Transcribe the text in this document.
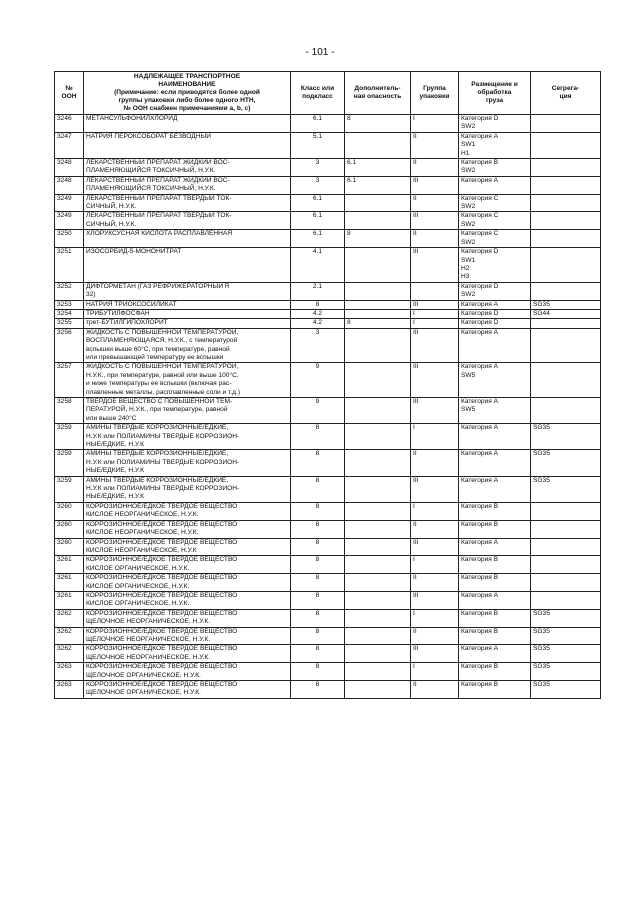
- 101 -
№
ООН	НАДЛЕЖАЩЕЕ ТРАНСПОРТНОЕ
НАИМЕНОВАНИЕ
(Примечание: если приводятся более одной
группы упаковки либо более одного НТН,
№ ООН снабжен примечаниями a, b, c)	Класс или
подкласс	Дополнитель-
ная опасность	Группа
упаковки	Размещение и
обработка
груза	Сегрега-
ция

3246	МЕТАНСУЛЬФОНИЛХЛОРИД	6.1	8	I	Категория D
SW2	

3247	НАТРИЯ ПЕРОКСОБОРАТ БЕЗВОДНЫЙ	5.1		II	Категория A
SW1
H1	

3248	ЛЕКАРСТВЕННЫЙ ПРЕПАРАТ ЖИДКИЙ ВОС-
ПЛАМЕНЯЮЩИЙСЯ ТОКСИЧНЫЙ, Н.У.К.	3	6.1	II	Категория B
SW2	

3248	ЛЕКАРСТВЕННЫЙ ПРЕПАРАТ ЖИДКИЙ ВОС-
ПЛАМЕНЯЮЩИЙСЯ ТОКСИЧНЫЙ, Н.У.К.	3	6.1	III	Категория A	

3249	ЛЕКАРСТВЕННЫЙ ПРЕПАРАТ ТВЕРДЫЙ ТОК-
СИЧНЫЙ, Н.У.К.	6.1		II	Категория C
SW2	

3249	ЛЕКАРСТВЕННЫЙ ПРЕПАРАТ ТВЕРДЫЙ ТОК-
СИЧНЫЙ, Н.У.К.	6.1		III	Категория C
SW2	

3250	ХЛОРУКСУСНАЯ КИСЛОТА РАСПЛАВЛЕННАЯ	6.1	8	II	Категория C
SW2	

3251	ИЗОСОРБИД-5-МОНОНИТРАТ	4.1		III	Категория D
SW1
H2
H3	

3252	ДИФТОРМЕТАН (ГАЗ РЕФРИЖЕРАТОРНЫЙ R
32)	2.1			Категория D
SW2	

3253	НАТРИЯ ТРИОКСОСИЛИКАТ	8		III	Категория A	SG35
3254	ТРИБУТИЛФОСФАН	4.2		I	Категория D	SG44
3255	трет-БУТИЛГИПОХЛОРИТ	4.2	8	I	Категория D	

3256	ЖИДКОСТЬ С ПОВЫШЕННОЙ ТЕМПЕРАТУРОЙ,
ВОСПЛАМЕНЯЮЩАЯСЯ, Н.У.К., с температурой
вспышки выше 60°C, при температуре, равной
или превышающей температуру ее вспышки	3		III	Категория A	

3257	ЖИДКОСТЬ С ПОВЫШЕННОЙ ТЕМПЕРАТУРОЙ,
Н.У.К., при температуре, равной или выше 100°C,
и ниже температуры ее вспышки (включая рас-
плавленные металлы, расплавленные соли и т.д.)	9		III	Категория A
SW5	

3258	ТВЕРДОЕ ВЕЩЕСТВО С ПОВЫШЕННОЙ ТЕМ-
ПЕРАТУРОЙ, Н.У.К., при температуре, равной
или выше 240°C	9		III	Категория A
SW5	

3259	АМИНЫ ТВЕРДЫЕ КОРРОЗИОННЫЕ/ЕДКИЕ,
Н.У.К или ПОЛИАМИНЫ ТВЕРДЫЕ КОРРОЗИОН-
НЫЕ/ЕДКИЕ, Н.У.К	8		I	Категория A	SG35
3259	АМИНЫ ТВЕРДЫЕ КОРРОЗИОННЫЕ/ЕДКИЕ,
Н.У.К или ПОЛИАМИНЫ ТВЕРДЫЕ КОРРОЗИОН-
НЫЕ/ЕДКИЕ, Н.У.К	8		II	Категория A	SG35
3259	АМИНЫ ТВЕРДЫЕ КОРРОЗИОННЫЕ/ЕДКИЕ,
Н.У.К или ПОЛИАМИНЫ ТВЕРДЫЕ КОРРОЗИОН-
НЫЕ/ЕДКИЕ, Н.У.К	8		III	Категория A	SG35
3260	КОРРОЗИОННОЕ/ЕДКОЕ ТВЕРДОЕ ВЕЩЕСТВО
КИСЛОЕ НЕОРГАНИЧЕСКОЕ, Н.У.К.	8		I	Категория B	

3260	КОРРОЗИОННОЕ/ЕДКОЕ ТВЕРДОЕ ВЕЩЕСТВО
КИСЛОЕ НЕОРГАНИЧЕСКОЕ, Н.У.К.	8		II	Категория B	

3260	КОРРОЗИОННОЕ/ЕДКОЕ ТВЕРДОЕ ВЕЩЕСТВО
КИСЛОЕ НЕОРГАНИЧЕСКОЕ, Н.У.К	8		III	Категория A	

3261	КОРРОЗИОННОЕ/ЕДКОЕ ТВЕРДОЕ ВЕЩЕСТВО
КИСЛОЕ ОРГАНИЧЕСКОЕ, Н.У.К.	8		I	Категория B	

3261	КОРРОЗИОННОЕ/ЕДКОЕ ТВЕРДОЕ ВЕЩЕСТВО
КИСЛОЕ ОРГАНИЧЕСКОЕ, Н.У.К.	8		II	Категория B	

3261	КОРРОЗИОННОЕ/ЕДКОЕ ТВЕРДОЕ ВЕЩЕСТВО
КИСЛОЕ ОРГАНИЧЕСКОЕ, Н.У.К.	8		III	Категория A	

3262	КОРРОЗИОННОЕ/ЕДКОЕ ТВЕРДОЕ ВЕЩЕСТВО
ЩЕЛОЧНОЕ НЕОРГАНИЧЕСКОЕ, Н.У.К.	8		I	Категория B	SG35
3262	КОРРОЗИОННОЕ/ЕДКОЕ ТВЕРДОЕ ВЕЩЕСТВО
ЩЕЛОЧНОЕ НЕОРГАНИЧЕСКОЕ, Н.У.К.	8		II	Категория B	SG35
3262	КОРРОЗИОННОЕ/ЕДКОЕ ТВЕРДОЕ ВЕЩЕСТВО
ЩЕЛОЧНОЕ НЕОРГАНИЧЕСКОЕ, Н.У.К.	8		III	Категория A	SG35
3263	КОРРОЗИОННОЕ/ЕДКОЕ ТВЕРДОЕ ВЕЩЕСТВО
ЩЕЛОЧНОЕ ОРГАНИЧЕСКОЕ, Н.У.К.	8		I	Категория B	SG35
3263	КОРРОЗИОННОЕ/ЕДКОЕ ТВЕРДОЕ ВЕЩЕСТВО
ЩЕЛОЧНОЕ ОРГАНИЧЕСКОЕ, Н.У.К.	8		II	Категория B	SG35
